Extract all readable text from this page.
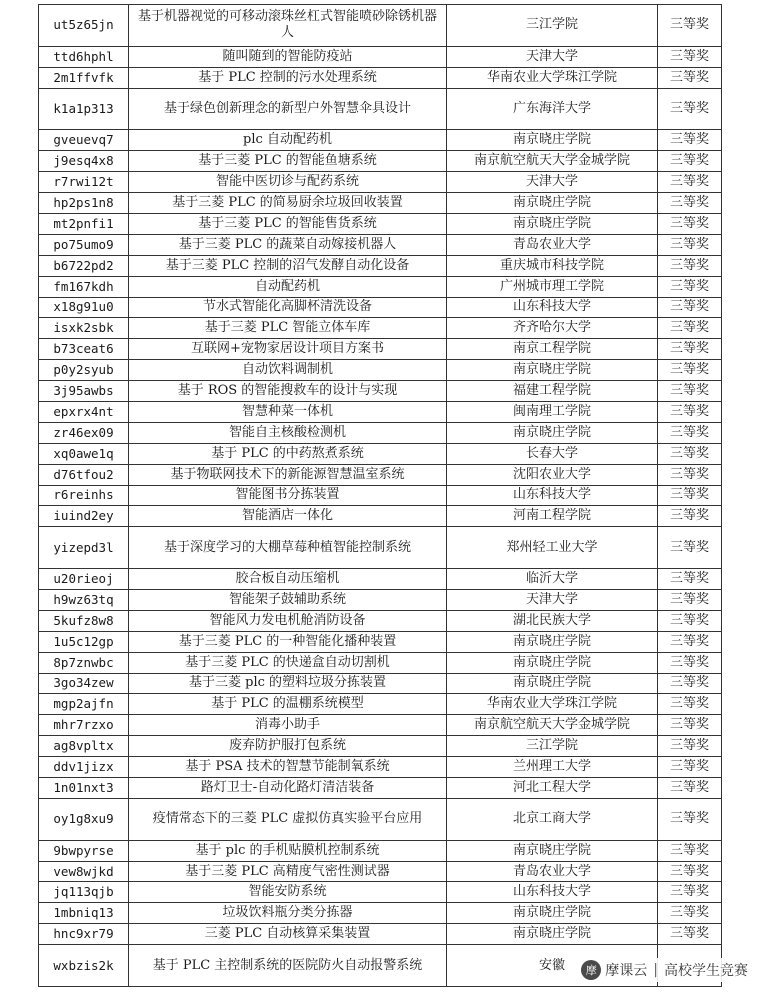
ut5z65jn	基于机器视觉的可移动滚珠丝杠式智能喷砂除锈机器人	三江学院	三等奖
ttd6hphl	随叫随到的智能防疫站	天津大学	三等奖
2m1ffvfk	基于 PLC 控制的污水处理系统	华南农业大学珠江学院	三等奖
k1a1p313	基于绿色创新理念的新型户外智慧伞具设计	广东海洋大学	三等奖
gveuevq7	plc 自动配药机	南京晓庄学院	三等奖
j9esq4x8	基于三菱 PLC 的智能鱼塘系统	南京航空航天大学金城学院	三等奖
r7rwi12t	智能中医切诊与配药系统	天津大学	三等奖
hp2ps1n8	基于三菱 PLC 的简易厨余垃圾回收装置	南京晓庄学院	三等奖
mt2pnfi1	基于三菱 PLC 的智能售货系统	南京晓庄学院	三等奖
po75umo9	基于三菱 PLC 的蔬菜自动嫁接机器人	青岛农业大学	三等奖
b6722pd2	基于三菱 PLC 控制的沼气发酵自动化设备	重庆城市科技学院	三等奖
fm167kdh	自动配药机	广州城市理工学院	三等奖
x18g91u0	节水式智能化高脚杯清洗设备	山东科技大学	三等奖
isxk2sbk	基于三菱 PLC 智能立体车库	齐齐哈尔大学	三等奖
b73ceat6	互联网+宠物家居设计项目方案书	南京工程学院	三等奖
p0y2syub	自动饮料调制机	南京晓庄学院	三等奖
3j95awbs	基于 ROS 的智能搜救车的设计与实现	福建工程学院	三等奖
epxrx4nt	智慧种菜一体机	闽南理工学院	三等奖
zr46ex09	智能自主核酸检测机	南京晓庄学院	三等奖
xq0awe1q	基于 PLC 的中药熬煮系统	长春大学	三等奖
d76tfou2	基于物联网技术下的新能源智慧温室系统	沈阳农业大学	三等奖
r6reinhs	智能图书分拣装置	山东科技大学	三等奖
iuind2ey	智能酒店一体化	河南工程学院	三等奖
yizepd3l	基于深度学习的大棚草莓种植智能控制系统	郑州轻工业大学	三等奖
u20rieoj	胶合板自动压缩机	临沂大学	三等奖
h9wz63tq	智能架子鼓辅助系统	天津大学	三等奖
5kufz8w8	智能风力发电机舱消防设备	湖北民族大学	三等奖
1u5c12gp	基于三菱 PLC 的一种智能化播种装置	南京晓庄学院	三等奖
8p7znwbc	基于三菱 PLC 的快递盒自动切割机	南京晓庄学院	三等奖
3go34zew	基于三菱 plc 的塑料垃圾分拣装置	南京晓庄学院	三等奖
mgp2ajfn	基于 PLC 的温棚系统模型	华南农业大学珠江学院	三等奖
mhr7rzxo	消毒小助手	南京航空航天大学金城学院	三等奖
ag8vpltx	废弃防护服打包系统	三江学院	三等奖
ddv1jizx	基于 PSA 技术的智慧节能制氧系统	兰州理工大学	三等奖
1n01nxt3	路灯卫士-自动化路灯清洁装备	河北工程大学	三等奖
oy1g8xu9	疫情常态下的三菱 PLC 虚拟仿真实验平台应用	北京工商大学	三等奖
9bwpyrse	基于 plc 的手机贴膜机控制系统	南京晓庄学院	三等奖
vew8wjkd	基于三菱 PLC 高精度气密性测试器	青岛农业大学	三等奖
jq113qjb	智能安防系统	山东科技大学	三等奖
1mbniq13	垃圾饮料瓶分类分拣器	南京晓庄学院	三等奖
hnc9xr79	三菱 PLC 自动核算采集装置	南京晓庄学院	三等奖
wxbzis2k	基于 PLC 主控制系统的医院防火自动报警系统	安徽		摩 摩课云 | 高校学生竞赛
